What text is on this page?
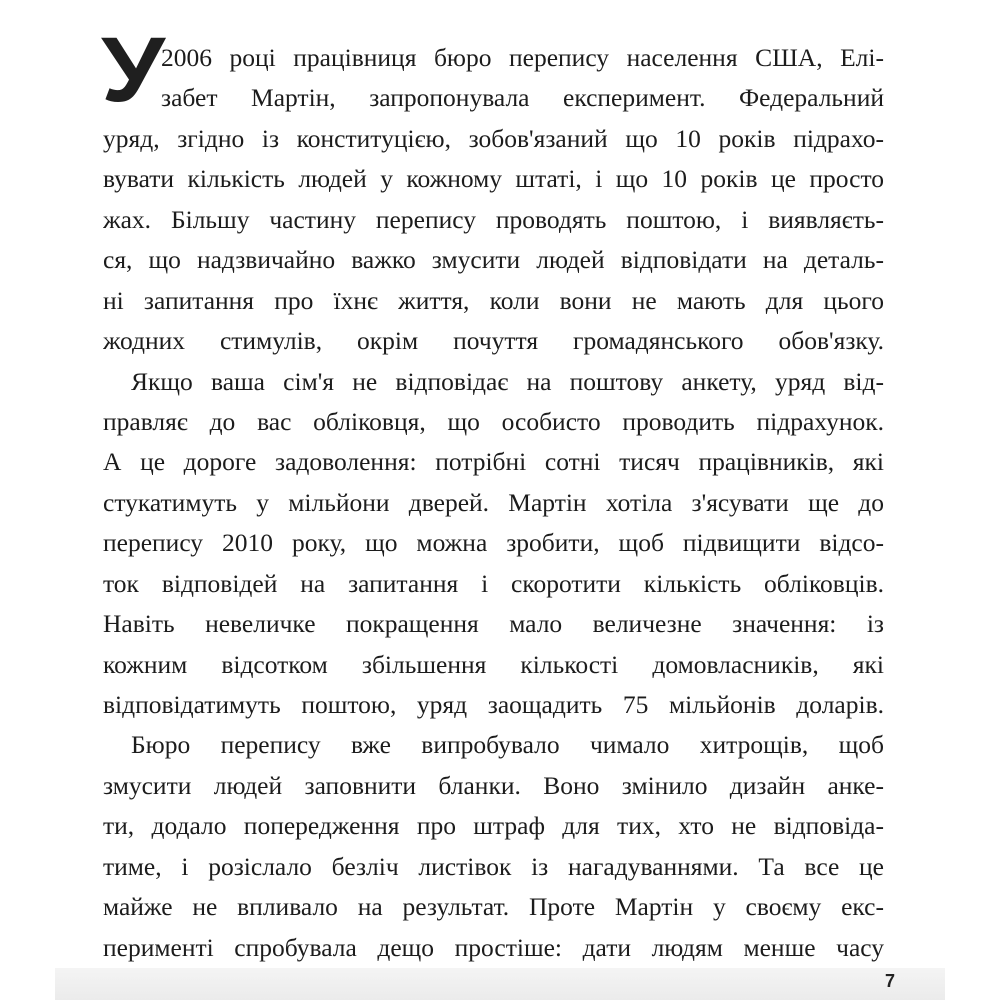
У
2006 році працівниця бюро перепису населення США, Елі-
забет Мартін, запропонувала експеримент. Федеральний
уряд, згідно із конституцією, зобов'язаний що 10 років підрахо-
вувати кількість людей у кожному штаті, і що 10 років це просто
жах. Більшу частину перепису проводять поштою, і виявляєть-
ся, що надзвичайно важко змусити людей відповідати на деталь-
ні запитання про їхнє життя, коли вони не мають для цього
жодних стимулів, окрім почуття громадянського обов'язку.
Якщо ваша сім'я не відповідає на поштову анкету, уряд від-
правляє до вас обліковця, що особисто проводить підрахунок.
А це дороге задоволення: потрібні сотні тисяч працівників, які
стукатимуть у мільйони дверей. Мартін хотіла з'ясувати ще до
перепису 2010 року, що можна зробити, щоб підвищити відсо-
ток відповідей на запитання і скоротити кількість обліковців.
Навіть невеличке покращення мало величезне значення: із
кожним відсотком збільшення кількості домовласників, які
відповідатимуть поштою, уряд заощадить 75 мільйонів доларів.
Бюро перепису вже випробувало чимало хитрощів, щоб
змусити людей заповнити бланки. Воно змінило дизайн анке-
ти, додало попередження про штраф для тих, хто не відповіда-
тиме, і розіслало безліч листівок із нагадуваннями. Та все це
майже не впливало на результат. Проте Мартін у своєму екс-
перименті спробувала дещо простіше: дати людям менше часу
7
